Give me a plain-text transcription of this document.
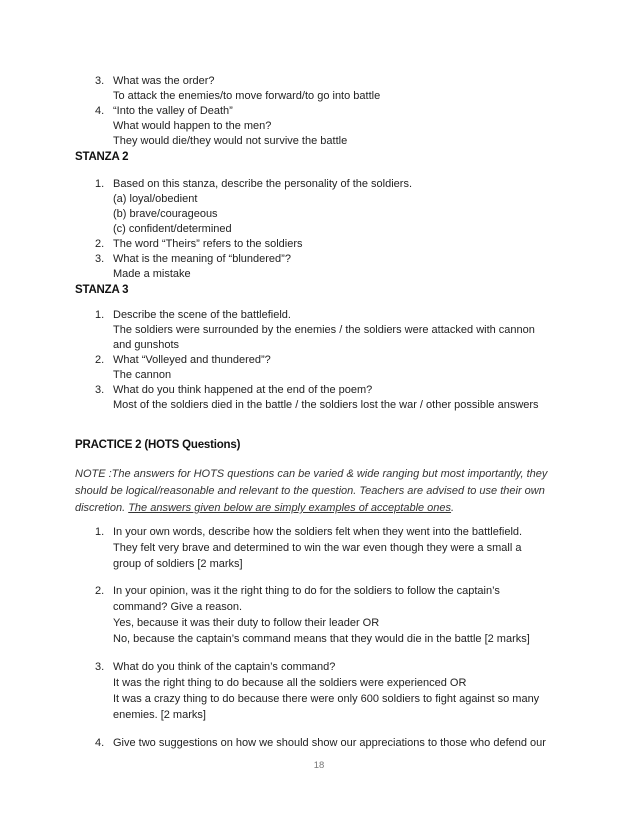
3. What was the order?
To attack the enemies/to move forward/to go into battle
4. “Into the valley of Death”
What would happen to the men?
They would die/they would not survive the battle
STANZA 2
1. Based on this stanza, describe the personality of the soldiers.
(a) loyal/obedient
(b) brave/courageous
(c) confident/determined
2. The word “Theirs” refers to the soldiers
3. What is the meaning of “blundered”?
Made a mistake
STANZA 3
1. Describe the scene of the battlefield.
The soldiers were surrounded by the enemies / the soldiers were attacked with cannon
and gunshots
2. What “Volleyed and thundered”?
The cannon
3. What do you think happened at the end of the poem?
Most of the soldiers died in the battle / the soldiers lost the war / other possible answers
PRACTICE 2 (HOTS Questions)
NOTE :The answers for HOTS questions can be varied & wide ranging but most importantly, they
should be logical/reasonable and relevant to the question. Teachers are advised to use their own
discretion. The answers given below are simply examples of acceptable ones.
1. In your own words, describe how the soldiers felt when they went into the battlefield.
They felt very brave and determined to win the war even though they were a small a
group of soldiers [2 marks]
2. In your opinion, was it the right thing to do for the soldiers to follow the captain’s
command? Give a reason.
Yes, because it was their duty to follow their leader OR
No, because the captain’s command means that they would die in the battle [2 marks]
3. What do you think of the captain’s command?
It was the right thing to do because all the soldiers were experienced OR
It was a crazy thing to do because there were only 600 soldiers to fight against so many
enemies. [2 marks]
4. Give two suggestions on how we should show our appreciations to those who defend our
18
